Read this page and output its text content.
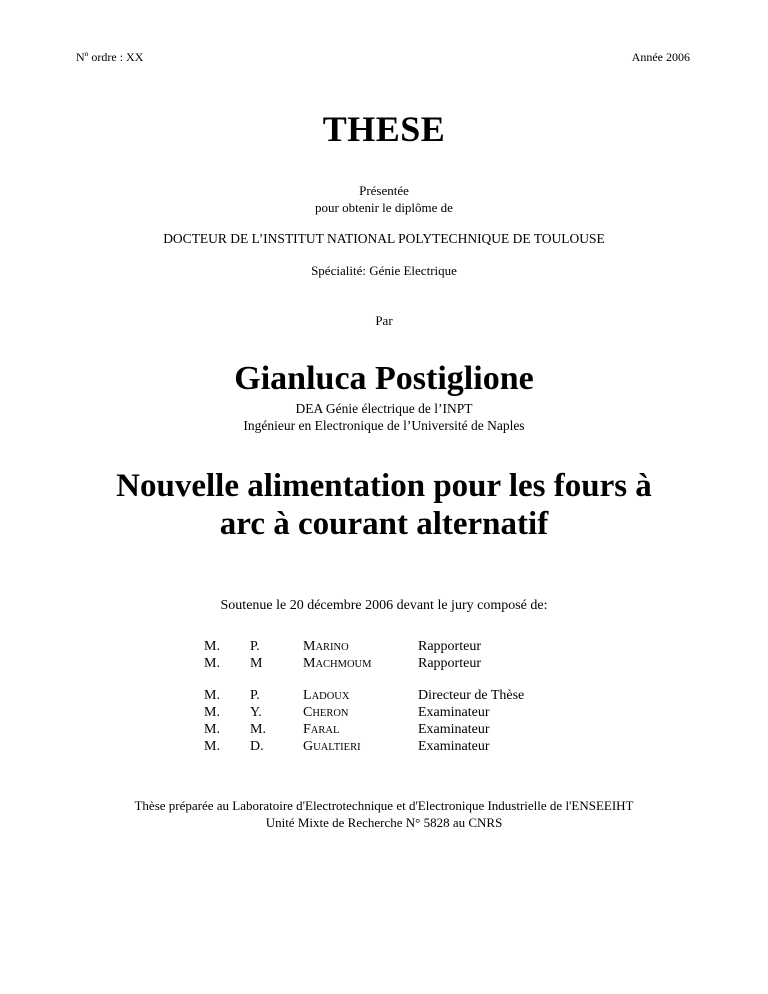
Nº ordre : XX	Année 2006
THESE
Présentée
pour obtenir le diplôme de
DOCTEUR DE L’INSTITUT NATIONAL POLYTECHNIQUE DE TOULOUSE
Spécialité: Génie Electrique
Par
Gianluca Postiglione
DEA Génie électrique de l’INPT
Ingénieur en Electronique de l’Université de Naples
Nouvelle alimentation pour les fours à
arc à courant alternatif
Soutenue le 20 décembre 2006 devant le jury composé de:
M. P.	MARINO	Rapporteur
M. M	MACHMOUM	Rapporteur
M. P.	LADOUX	Directeur de Thèse
M. Y.	CHERON	Examinateur
M. M.	FARAL	Examinateur
M. D.	GUALTIERI	Examinateur
Thèse préparée au Laboratoire d'Electrotechnique et d'Electronique Industrielle de l'ENSEEIHT
Unité Mixte de Recherche N° 5828 au CNRS
